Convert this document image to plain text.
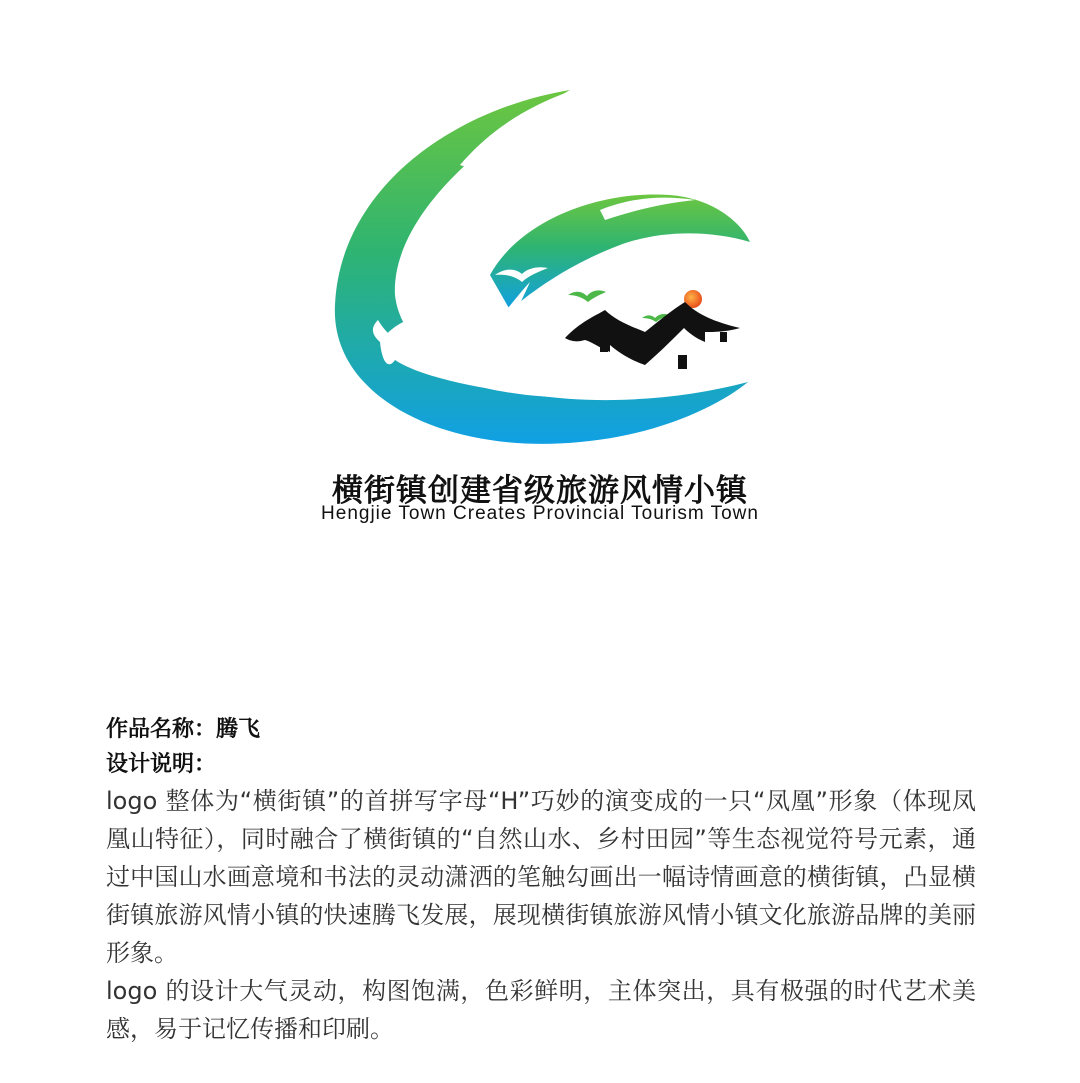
横街镇创建省级旅游风情小镇
Hengjie Town Creates Provincial Tourism Town
作品名称：腾飞
设计说明：

logo 整体为“横街镇”的首拼写字母“H”巧妙的演变成的一只“凤凰”形象（体现凤凰山特征），同时融合了横街镇的“自然山水、乡村田园”等生态视觉符号元素，通过中国山水画意境和书法的灵动潇洒的笔触勾画出一幅诗情画意的横街镇，凸显横街镇旅游风情小镇的快速腾飞发展，展现横街镇旅游风情小镇文化旅游品牌的美丽形象。

logo 的设计大气灵动，构图饱满，色彩鲜明，主体突出，具有极强的时代艺术美感，易于记忆传播和印刷。
